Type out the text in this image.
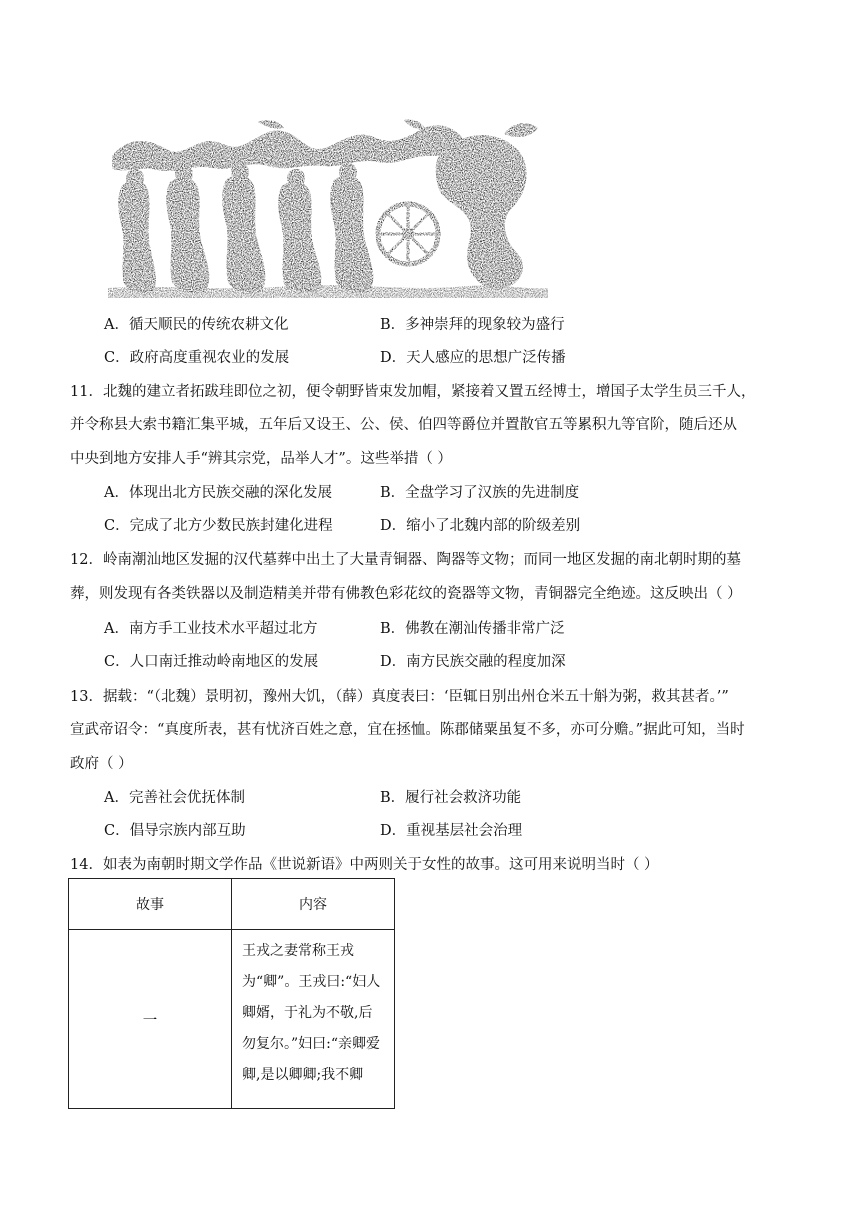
A．循天顺民的传统农耕文化	B．多神崇拜的现象较为盛行
C．政府高度重视农业的发展	D．天人感应的思想广泛传播
11．北魏的建立者拓跋珪即位之初，便令朝野皆束发加帽，紧接着又置五经博士，增国子太学生员三千人，
并令称县大索书籍汇集平城，五年后又设王、公、侯、伯四等爵位并置散官五等累积九等官阶，随后还从
中央到地方安排人手“辨其宗党，品举人才”。这些举措（ ）
A．体现出北方民族交融的深化发展	B．全盘学习了汉族的先进制度
C．完成了北方少数民族封建化进程	D．缩小了北魏内部的阶级差别
12．岭南潮汕地区发掘的汉代墓葬中出土了大量青铜器、陶器等文物；而同一地区发掘的南北朝时期的墓
葬，则发现有各类铁器以及制造精美并带有佛教色彩花纹的瓷器等文物，青铜器完全绝迹。这反映出（ ）
A．南方手工业技术水平超过北方	B．佛教在潮汕传播非常广泛
C．人口南迁推动岭南地区的发展	D．南方民族交融的程度加深
13．据载：“（北魏）景明初，豫州大饥，（薛）真度表曰：‘臣辄日别出州仓米五十斛为粥，救其甚者。’”
宣武帝诏令：“真度所表，甚有忧济百姓之意，宜在拯恤。陈郡储粟虽复不多，亦可分赡。”据此可知，当时
政府（ ）
A．完善社会优抚体制	B．履行社会救济功能
C．倡导宗族内部互助	D．重视基层社会治理
14．如表为南朝时期文学作品《世说新语》中两则关于女性的故事。这可用来说明当时（ ）
故事	内容
一	王戎之妻常称王戎为“卿”。王戎曰:“妇人卿婿，于礼为不敬,后勿复尔。”妇曰:“亲卿爱卿,是以卿卿;我不卿
